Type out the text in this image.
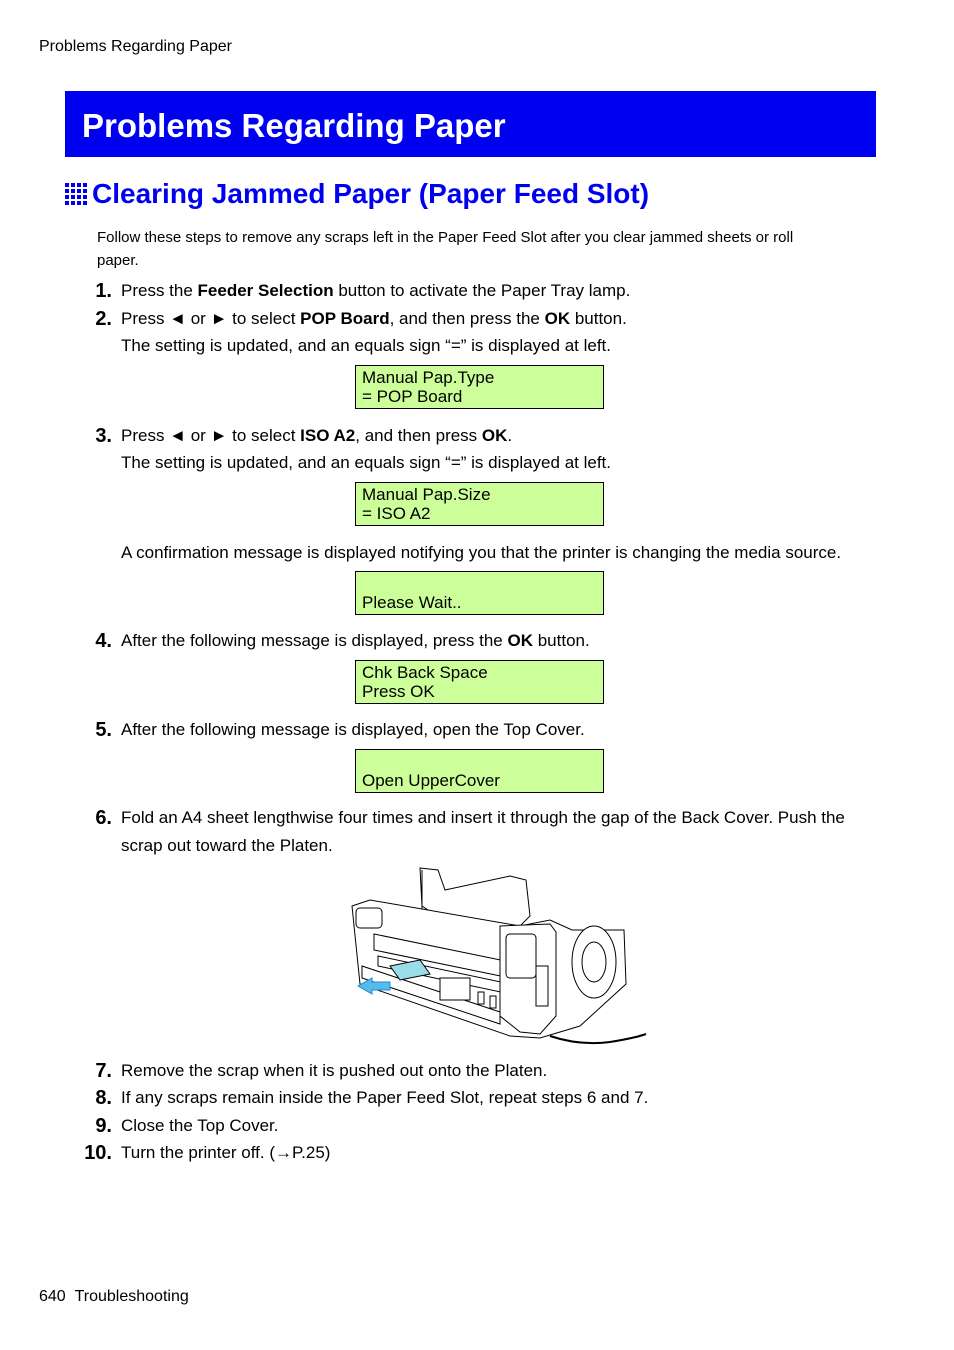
Problems Regarding Paper
Problems Regarding Paper
Clearing Jammed Paper (Paper Feed Slot)
Follow these steps to remove any scraps left in the Paper Feed Slot after you clear jammed sheets or roll paper.
1. Press the Feeder Selection button to activate the Paper Tray lamp.
2. Press ◄ or ► to select POP Board, and then press the OK button.
The setting is updated, and an equals sign “=” is displayed at left.
Manual Pap.Type
= POP Board
3. Press ◄ or ► to select ISO A2, and then press OK.
The setting is updated, and an equals sign “=” is displayed at left.
Manual Pap.Size
= ISO A2
A confirmation message is displayed notifying you that the printer is changing the media source.
Please Wait..
4. After the following message is displayed, press the OK button.
Chk Back Space
Press OK
5. After the following message is displayed, open the Top Cover.
Open UpperCover
6. Fold an A4 sheet lengthwise four times and insert it through the gap of the Back Cover. Push the scrap out toward the Platen.
7. Remove the scrap when it is pushed out onto the Platen.
8. If any scraps remain inside the Paper Feed Slot, repeat steps 6 and 7.
9. Close the Top Cover.
10. Turn the printer off. (→P.25)
640 Troubleshooting
